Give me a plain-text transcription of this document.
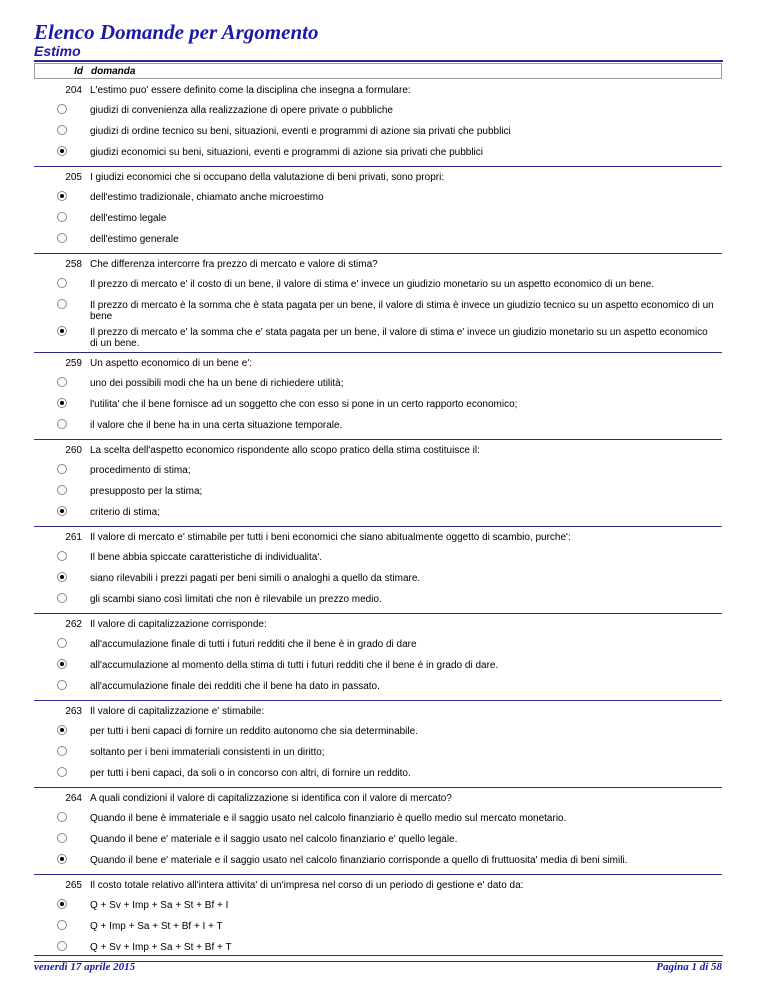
Elenco Domande per Argomento
Estimo
Id domanda
204 L'estimo puo' essere definito come la disciplina che insegna a formulare:
giudizi di convenienza alla realizzazione di opere private o pubbliche
giudizi di ordine tecnico su beni, situazioni, eventi e programmi di azione sia privati che pubblici
giudizi economici su beni, situazioni, eventi e programmi di azione sia privati che pubblici
205 I giudizi economici che si occupano della valutazione di beni privati, sono propri:
dell'estimo tradizionale, chiamato anche microestimo
dell'estimo legale
dell'estimo generale
258 Che differenza intercorre fra prezzo di mercato e valore di stima?
Il prezzo di mercato e' il costo di un bene, il valore di stima e' invece un giudizio monetario su un aspetto economico di un bene.
Il prezzo di mercato è la somma che è stata pagata per un bene, il valore di stima è invece un giudizio tecnico su un aspetto economico di un bene
Il prezzo di mercato e' la somma che e' stata pagata per un bene, il valore di stima e' invece un giudizio monetario su un aspetto economico di un bene.
259 Un aspetto economico di un bene e':
uno dei possibili modi che ha un bene di richiedere utilità;
l'utilita' che il bene fornisce ad un soggetto che con esso si pone in un certo rapporto economico;
il valore che il bene ha in una certa situazione temporale.
260 La scelta dell'aspetto economico rispondente allo scopo pratico della stima costituisce il:
procedimento di stima;
presupposto per la stima;
criterio di stima;
261 Il valore di mercato e' stimabile per tutti i beni economici che siano abitualmente oggetto di scambio, purche':
Il bene abbia spiccate caratteristiche di individualita'.
siano rilevabili i prezzi pagati per beni simili o analoghi a quello da stimare.
gli scambi siano così limitati che non è rilevabile un prezzo medio.
262 Il valore di capitalizzazione corrisponde:
all'accumulazione finale di tutti i futuri redditi che il bene è in grado di dare
all'accumulazione al momento della stima di tutti i futuri redditi che il bene è in grado di dare.
all'accumulazione finale dei redditi che il bene ha dato in passato.
263 Il valore di capitalizzazione e' stimabile:
per tutti i beni capaci di fornire un reddito autonomo che sia determinabile.
soltanto per i beni immateriali consistenti in un diritto;
per tutti i beni capaci, da soli o in concorso con altri, di fornire un reddito.
264 A quali condizioni il valore di capitalizzazione si identifica con il valore di mercato?
Quando il bene è immateriale e il saggio usato nel calcolo finanziario è quello medio sul mercato monetario.
Quando il bene e' materiale e il saggio usato nel calcolo finanziario e' quello legale.
Quando il bene e' materiale e il saggio usato nel calcolo finanziario corrisponde a quello di fruttuosita' media di beni simili.
265 Il costo totale relativo all'intera attivita' di un'impresa nel corso di un periodo di gestione e' dato da:
Q + Sv + Imp + Sa + St + Bf + I
Q + Imp + Sa + St + Bf + I + T
Q + Sv + Imp + Sa + St + Bf + T
venerdì 17 aprile 2015	Pagina 1 di 58
